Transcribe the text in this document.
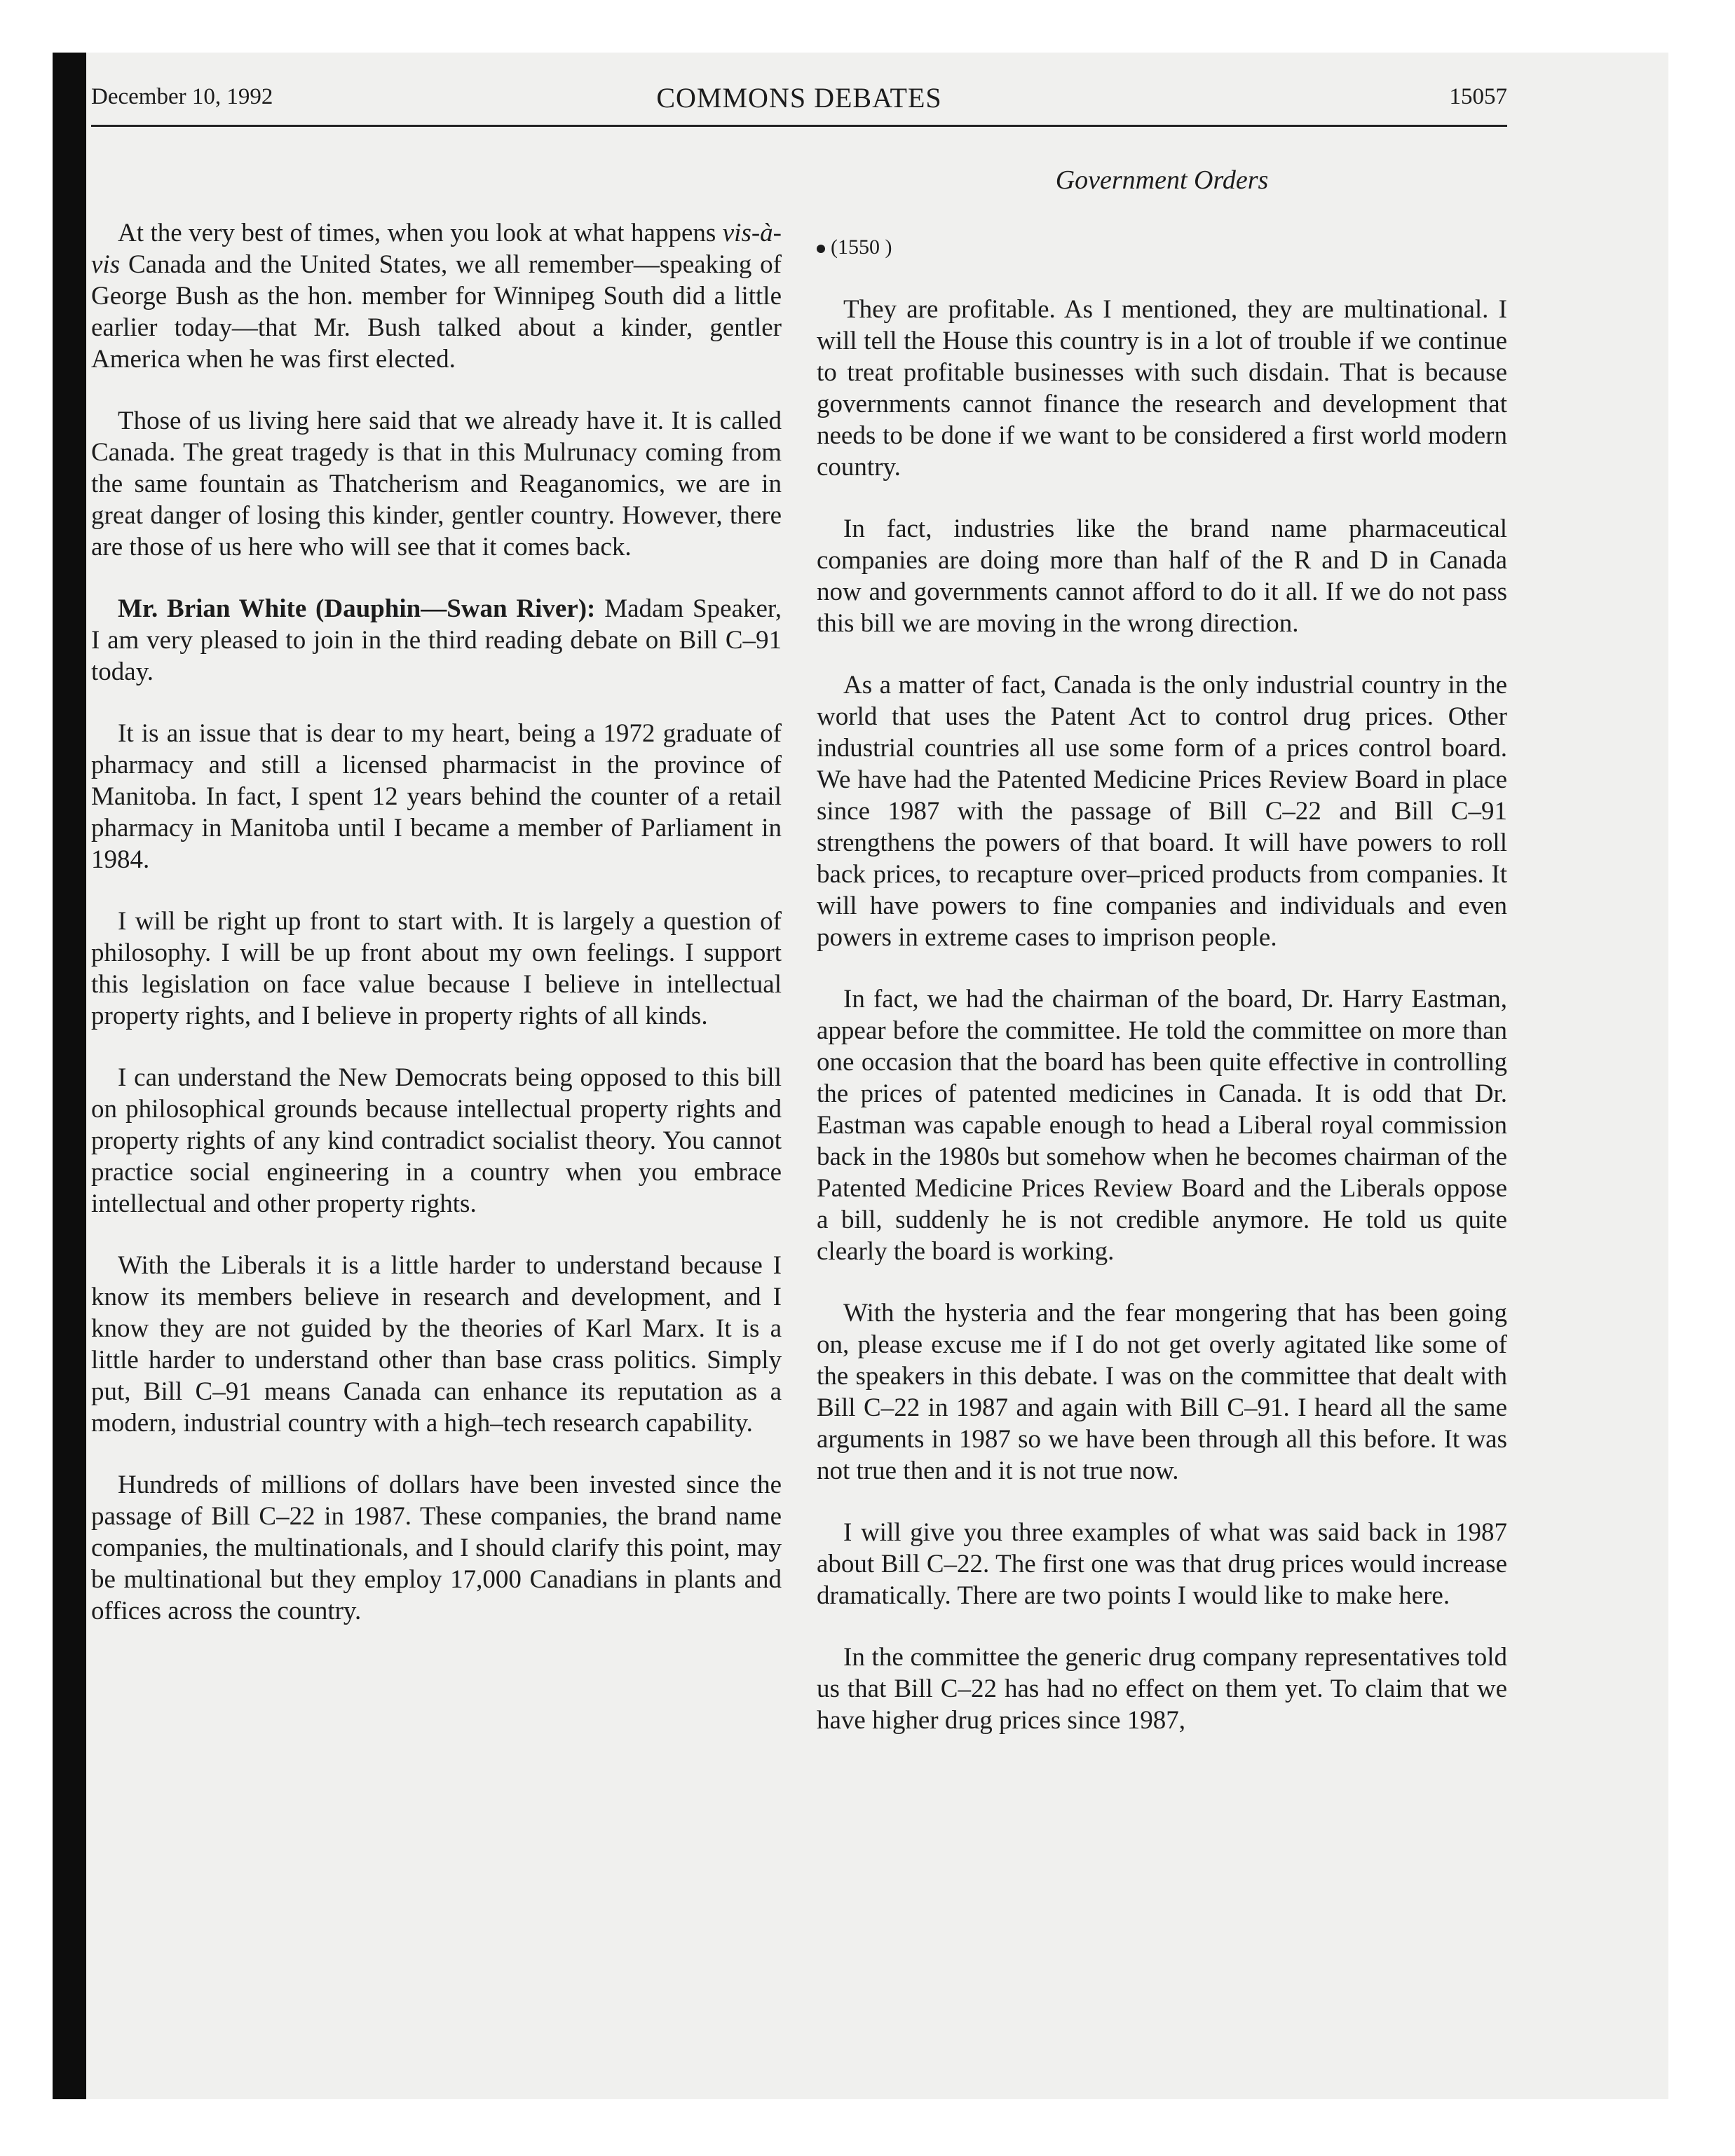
December 10, 1992	COMMONS DEBATES	15057

At the very best of times, when you look at what happens vis-à-vis Canada and the United States, we all remember—speaking of George Bush as the hon. member for Winnipeg South did a little earlier today—that Mr. Bush talked about a kinder, gentler America when he was first elected.

Those of us living here said that we already have it. It is called Canada. The great tragedy is that in this Mulrunacy coming from the same fountain as Thatcherism and Reaganomics, we are in great danger of losing this kinder, gentler country. However, there are those of us here who will see that it comes back.

Mr. Brian White (Dauphin—Swan River): Madam Speaker, I am very pleased to join in the third reading debate on Bill C–91 today.

It is an issue that is dear to my heart, being a 1972 graduate of pharmacy and still a licensed pharmacist in the province of Manitoba. In fact, I spent 12 years behind the counter of a retail pharmacy in Manitoba until I became a member of Parliament in 1984.

I will be right up front to start with. It is largely a question of philosophy. I will be up front about my own feelings. I support this legislation on face value because I believe in intellectual property rights, and I believe in property rights of all kinds.

I can understand the New Democrats being opposed to this bill on philosophical grounds because intellectual property rights and property rights of any kind contradict socialist theory. You cannot practice social engineering in a country when you embrace intellectual and other property rights.

With the Liberals it is a little harder to understand because I know its members believe in research and development, and I know they are not guided by the theories of Karl Marx. It is a little harder to understand other than base crass politics. Simply put, Bill C–91 means Canada can enhance its reputation as a modern, industrial country with a high–tech research capability.

Hundreds of millions of dollars have been invested since the passage of Bill C–22 in 1987. These companies, the brand name companies, the multinationals, and I should clarify this point, may be multinational but they employ 17,000 Canadians in plants and offices across the country.

Government Orders
(1550 )

They are profitable. As I mentioned, they are multinational. I will tell the House this country is in a lot of trouble if we continue to treat profitable businesses with such disdain. That is because governments cannot finance the research and development that needs to be done if we want to be considered a first world modern country.

In fact, industries like the brand name pharmaceutical companies are doing more than half of the R and D in Canada now and governments cannot afford to do it all. If we do not pass this bill we are moving in the wrong direction.

As a matter of fact, Canada is the only industrial country in the world that uses the Patent Act to control drug prices. Other industrial countries all use some form of a prices control board. We have had the Patented Medicine Prices Review Board in place since 1987 with the passage of Bill C–22 and Bill C–91 strengthens the powers of that board. It will have powers to roll back prices, to recapture over–priced products from companies. It will have powers to fine companies and individuals and even powers in extreme cases to imprison people.

In fact, we had the chairman of the board, Dr. Harry Eastman, appear before the committee. He told the committee on more than one occasion that the board has been quite effective in controlling the prices of patented medicines in Canada. It is odd that Dr. Eastman was capable enough to head a Liberal royal commission back in the 1980s but somehow when he becomes chairman of the Patented Medicine Prices Review Board and the Liberals oppose a bill, suddenly he is not credible anymore. He told us quite clearly the board is working.

With the hysteria and the fear mongering that has been going on, please excuse me if I do not get overly agitated like some of the speakers in this debate. I was on the committee that dealt with Bill C–22 in 1987 and again with Bill C–91. I heard all the same arguments in 1987 so we have been through all this before. It was not true then and it is not true now.

I will give you three examples of what was said back in 1987 about Bill C–22. The first one was that drug prices would increase dramatically. There are two points I would like to make here.

In the committee the generic drug company representatives told us that Bill C–22 has had no effect on them yet. To claim that we have higher drug prices since 1987,
